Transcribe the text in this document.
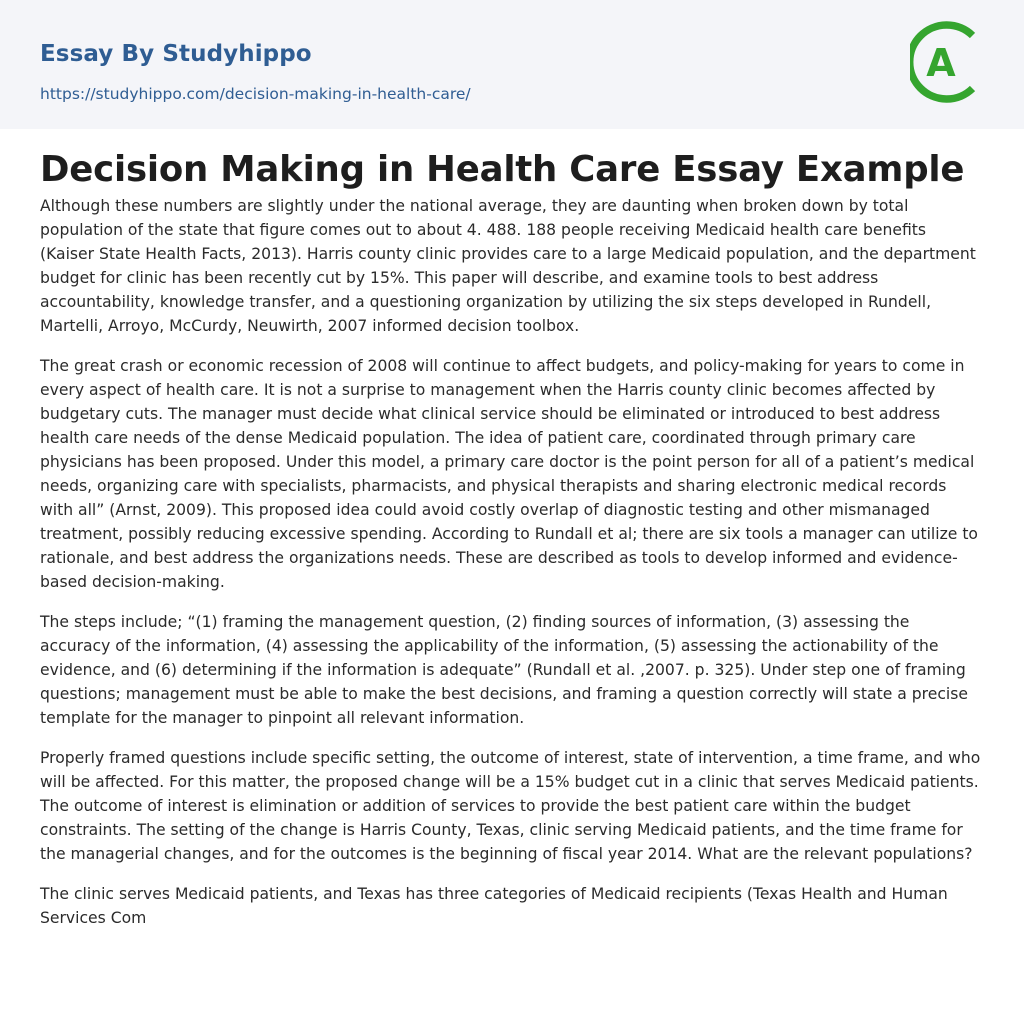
Essay By Studyhippo
https://studyhippo.com/decision-making-in-health-care/
A
Decision Making in Health Care Essay Example

Although these numbers are slightly under the national average, they are daunting when broken down by total population of the state that figure comes out to about 4. 488. 188 people receiving Medicaid health care benefits (Kaiser State Health Facts, 2013). Harris county clinic provides care to a large Medicaid population, and the department budget for clinic has been recently cut by 15%. This paper will describe, and examine tools to best address accountability, knowledge transfer, and a questioning organization by utilizing the six steps developed in Rundell, Martelli, Arroyo, McCurdy, Neuwirth, 2007 informed decision toolbox.

The great crash or economic recession of 2008 will continue to affect budgets, and policy-making for years to come in every aspect of health care. It is not a surprise to management when the Harris county clinic becomes affected by budgetary cuts. The manager must decide what clinical service should be eliminated or introduced to best address health care needs of the dense Medicaid population. The idea of patient care, coordinated through primary care physicians has been proposed. Under this model, a primary care doctor is the point person for all of a patient’s medical needs, organizing care with specialists, pharmacists, and physical therapists and sharing electronic medical records with all” (Arnst, 2009). This proposed idea could avoid costly overlap of diagnostic testing and other mismanaged treatment, possibly reducing excessive spending. According to Rundall et al; there are six tools a manager can utilize to rationale, and best address the organizations needs. These are described as tools to develop informed and evidence-based decision-making.

The steps include; “(1) framing the management question, (2) finding sources of information, (3) assessing the accuracy of the information, (4) assessing the applicability of the information, (5) assessing the actionability of the evidence, and (6) determining if the information is adequate” (Rundall et al. ,2007. p. 325). Under step one of framing questions; management must be able to make the best decisions, and framing a question correctly will state a precise template for the manager to pinpoint all relevant information.

Properly framed questions include specific setting, the outcome of interest, state of intervention, a time frame, and who will be affected. For this matter, the proposed change will be a 15% budget cut in a clinic that serves Medicaid patients. The outcome of interest is elimination or addition of services to provide the best patient care within the budget constraints. The setting of the change is Harris County, Texas, clinic serving Medicaid patients, and the time frame for the managerial changes, and for the outcomes is the beginning of fiscal year 2014. What are the relevant populations?

The clinic serves Medicaid patients, and Texas has three categories of Medicaid recipients (Texas Health and Human Services Com
